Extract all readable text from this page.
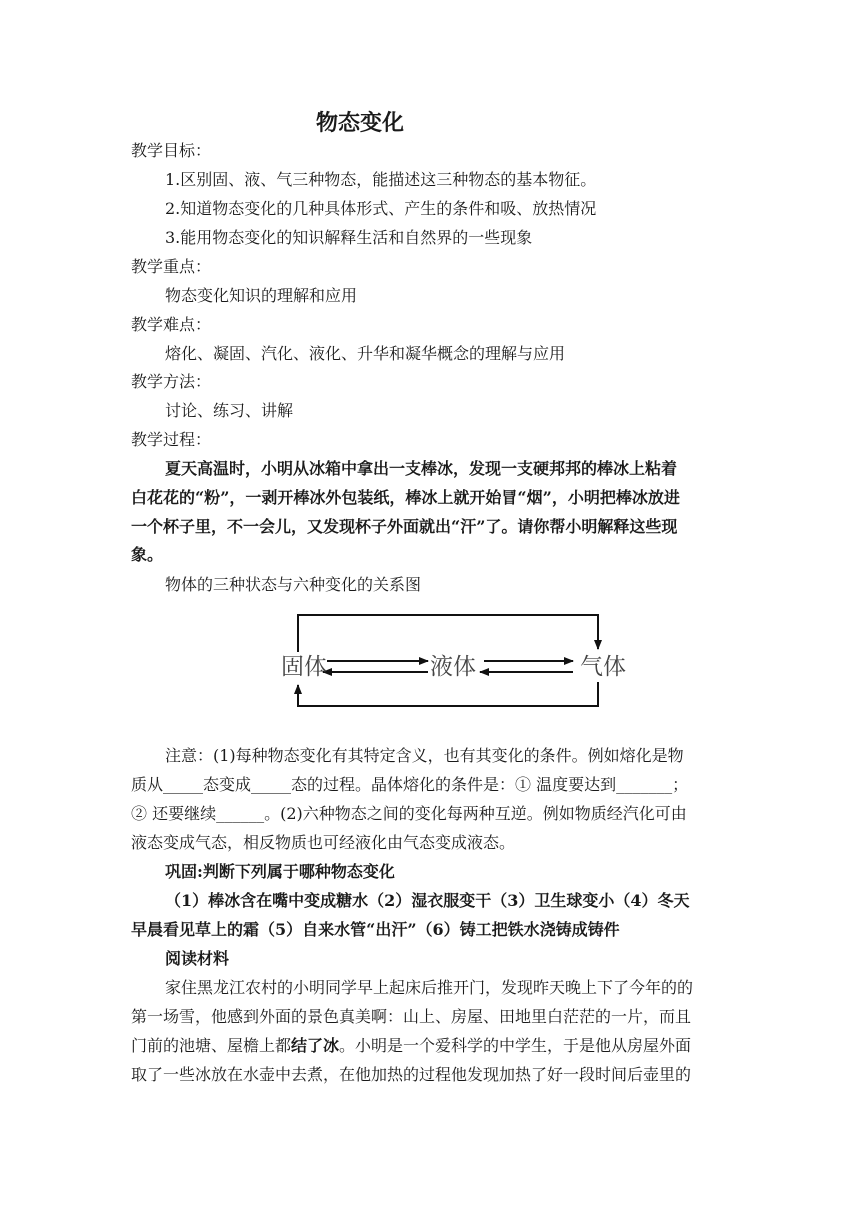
物态变化
教学目标：
1.区别固、液、气三种物态，能描述这三种物态的基本物征。
2.知道物态变化的几种具体形式、产生的条件和吸、放热情况
3.能用物态变化的知识解释生活和自然界的一些现象
教学重点：
物态变化知识的理解和应用
教学难点：
熔化、凝固、汽化、液化、升华和凝华概念的理解与应用
教学方法：
讨论、练习、讲解
教学过程：
夏天高温时，小明从冰箱中拿出一支棒冰，发现一支硬邦邦的棒冰上粘着
白花花的“粉”，一剥开棒冰外包装纸，棒冰上就开始冒“烟”，小明把棒冰放进
一个杯子里，不一会儿，又发现杯子外面就出“汗”了。请你帮小明解释这些现
象。
物体的三种状态与六种变化的关系图
固体	液体	气体
注意：(1)每种物态变化有其特定含义，也有其变化的条件。例如熔化是物
质从_____态变成_____态的过程。晶体熔化的条件是：① 温度要达到_______；
② 还要继续______。(2)六种物态之间的变化每两种互逆。例如物质经汽化可由
液态变成气态，相反物质也可经液化由气态变成液态。
巩固:判断下列属于哪种物态变化
（1）棒冰含在嘴中变成糖水（2）湿衣服变干（3）卫生球变小（4）冬天
早晨看见草上的霜（5）自来水管“出汗”（6）铸工把铁水浇铸成铸件
阅读材料
家住黑龙江农村的小明同学早上起床后推开门，发现昨天晚上下了今年的的
第一场雪，他感到外面的景色真美啊：山上、房屋、田地里白茫茫的一片，而且
门前的池塘、屋檐上都结了冰。小明是一个爱科学的中学生，于是他从房屋外面
取了一些冰放在水壶中去煮，在他加热的过程他发现加热了好一段时间后壶里的
